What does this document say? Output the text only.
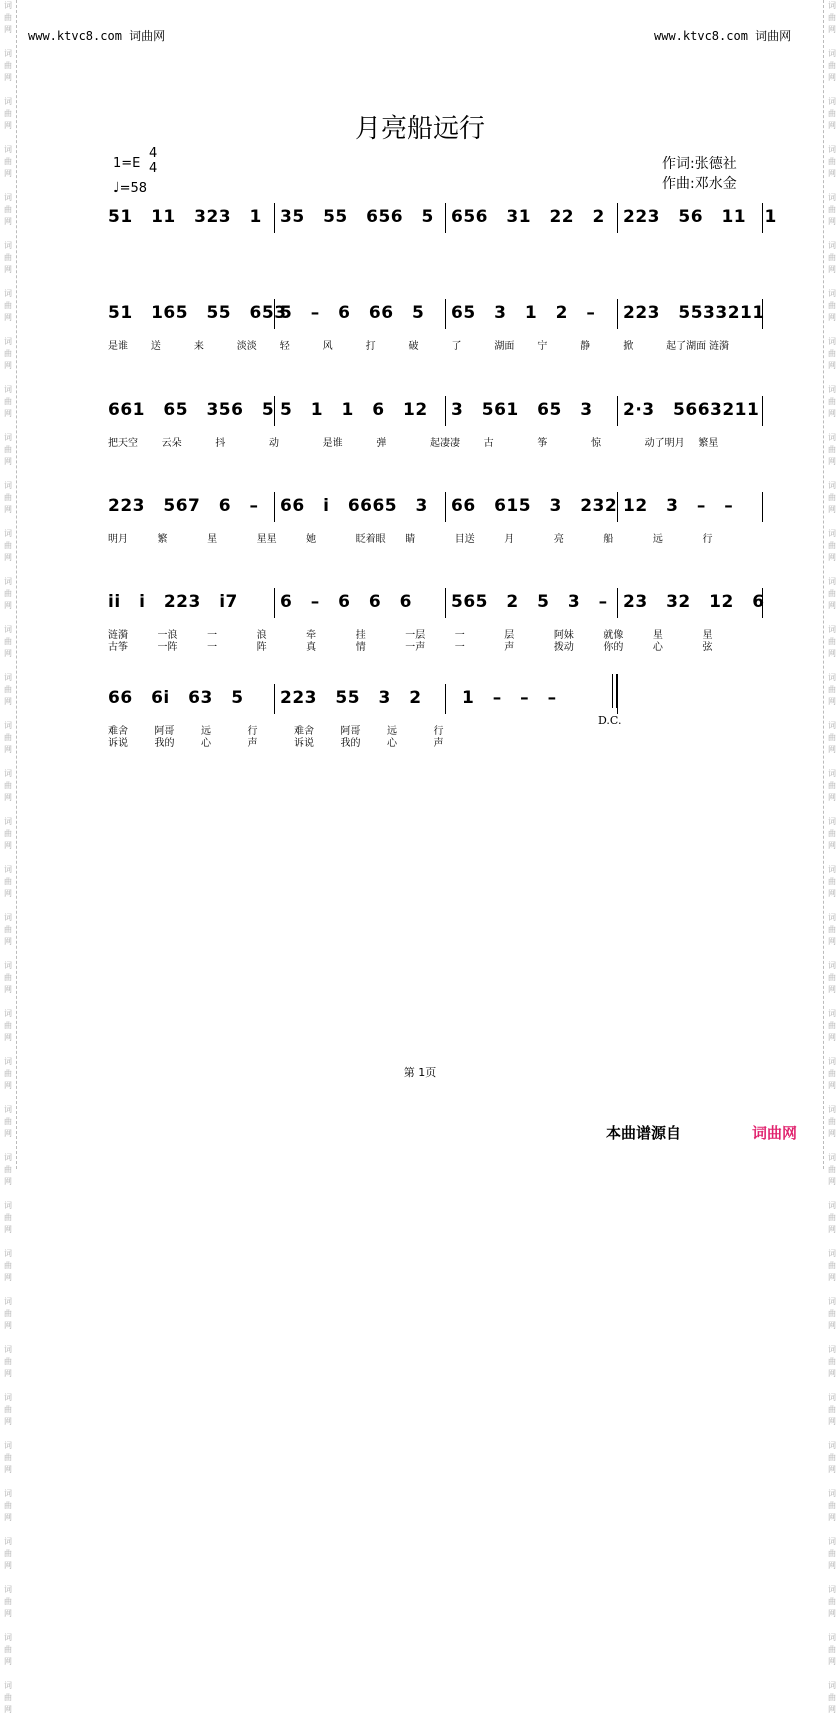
词
曲
网

词
曲
网

词
曲
网

词
曲
网

词
曲
网

词
曲
网

词
曲
网

词
曲
网

词
曲
网

词
曲
网

词
曲
网

词
曲
网

词
曲
网

词
曲
网

词
曲
网

词
曲
网

词
曲
网

词
曲
网

词
曲
网

词
曲
网

词
曲
网

词
曲
网

词
曲
网

词
曲
网

词
曲
网

词
曲
网

词
曲
网

词
曲
网

词
曲
网

词
曲
网

词
曲
网

词
曲
网

词
曲
网

词
曲
网

词
曲
网

词
曲
网

词
曲
网

词
曲
网

词
曲
网

词
曲
网

词
曲
网

词
曲
网

词
曲
网

词
曲
网

词
曲
网

词
曲
网

词
曲
网

词
曲
网

词
曲
网

词
曲
网

词
曲
网

词
曲
网

词
曲
网

词
曲
网

词
曲
网

词
曲
网

词
曲
网

词
曲
网

词
曲
网

词
曲
网

词
曲
网

词
曲
网

词
曲
网

词
曲
网

词
曲
网

词
曲
网

词
曲
网

词
曲
网

词
曲
网

词
曲
网

词
曲
网

词
曲
网

www.ktvc8.com 词曲网	www.ktvc8.com 词曲网
月亮船远行
1=E
4
4
♩=58
作词:张德社
作曲:邓水金
51 11 323 1 35 55 656 5 656 31 22 2 223 56 11 1
51 165 55 653
5 – 6 66 5 65 3 1 2 – 223 5533211
是谁 送	来	淡淡 轻	风	打	破	了	湖面 宁	静	掀	起了湖面 涟漪
661 65 356 5 5 1 1 6 12 3 561 65 3 2·3 5663211
把天空 云朵	抖	动	是谁	弹	起凄凄 古	筝	惊	动了明月 繁星
223 567 6 – 66 i 6665 3 66 615 3 232 12 3 – –
明月	繁	星	星星	她	眨着眼 睛	目送	月	亮	船	远	行
ii i 223 i7 6 – 6 6 6 565 2 5 3 – 23 32 12 6
涟漪	一浪	一	浪	牵	挂	一层	一	层	阿妹	就像	星	星
古筝	一阵	一	阵	真	情	一声	一	声	拨动	你的	心	弦
66 6i 63 5 223 55 3 2 1 – – –
难舍	阿哥	远	行	难舍	阿哥	远	行
诉说	我的	心	声	诉说	我的	心	声
D.C.
第 1页
本曲谱源自	词曲网
